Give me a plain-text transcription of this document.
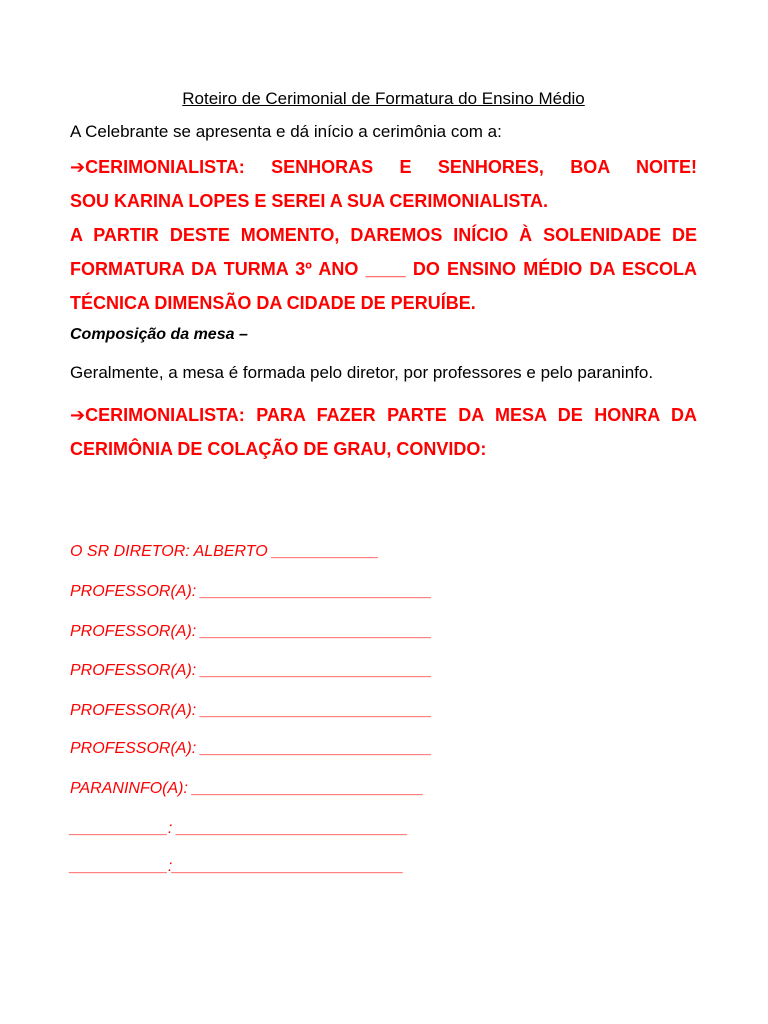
Roteiro de Cerimonial de Formatura do Ensino Médio
A Celebrante se apresenta e dá início a cerimônia com a:
➔CERIMONIALISTA: SENHORAS E SENHORES, BOA NOITE!
SOU KARINA LOPES E SEREI A SUA CERIMONIALISTA.
A PARTIR DESTE MOMENTO, DAREMOS INÍCIO À SOLENIDADE DE FORMATURA DA TURMA 3º ANO ____ DO ENSINO MÉDIO DA ESCOLA TÉCNICA DIMENSÃO DA CIDADE DE PERUÍBE.
Composição da mesa –
Geralmente, a mesa é formada pelo diretor, por professores e pelo paraninfo.
➔CERIMONIALISTA: PARA FAZER PARTE DA MESA DE HONRA DA CERIMÔNIA DE COLAÇÃO DE GRAU, CONVIDO:
O SR DIRETOR: ALBERTO ____________
PROFESSOR(A): __________________________
PROFESSOR(A): __________________________
PROFESSOR(A): __________________________
PROFESSOR(A): __________________________
PROFESSOR(A): __________________________
PARANINFO(A): __________________________
___________: __________________________
___________:__________________________
